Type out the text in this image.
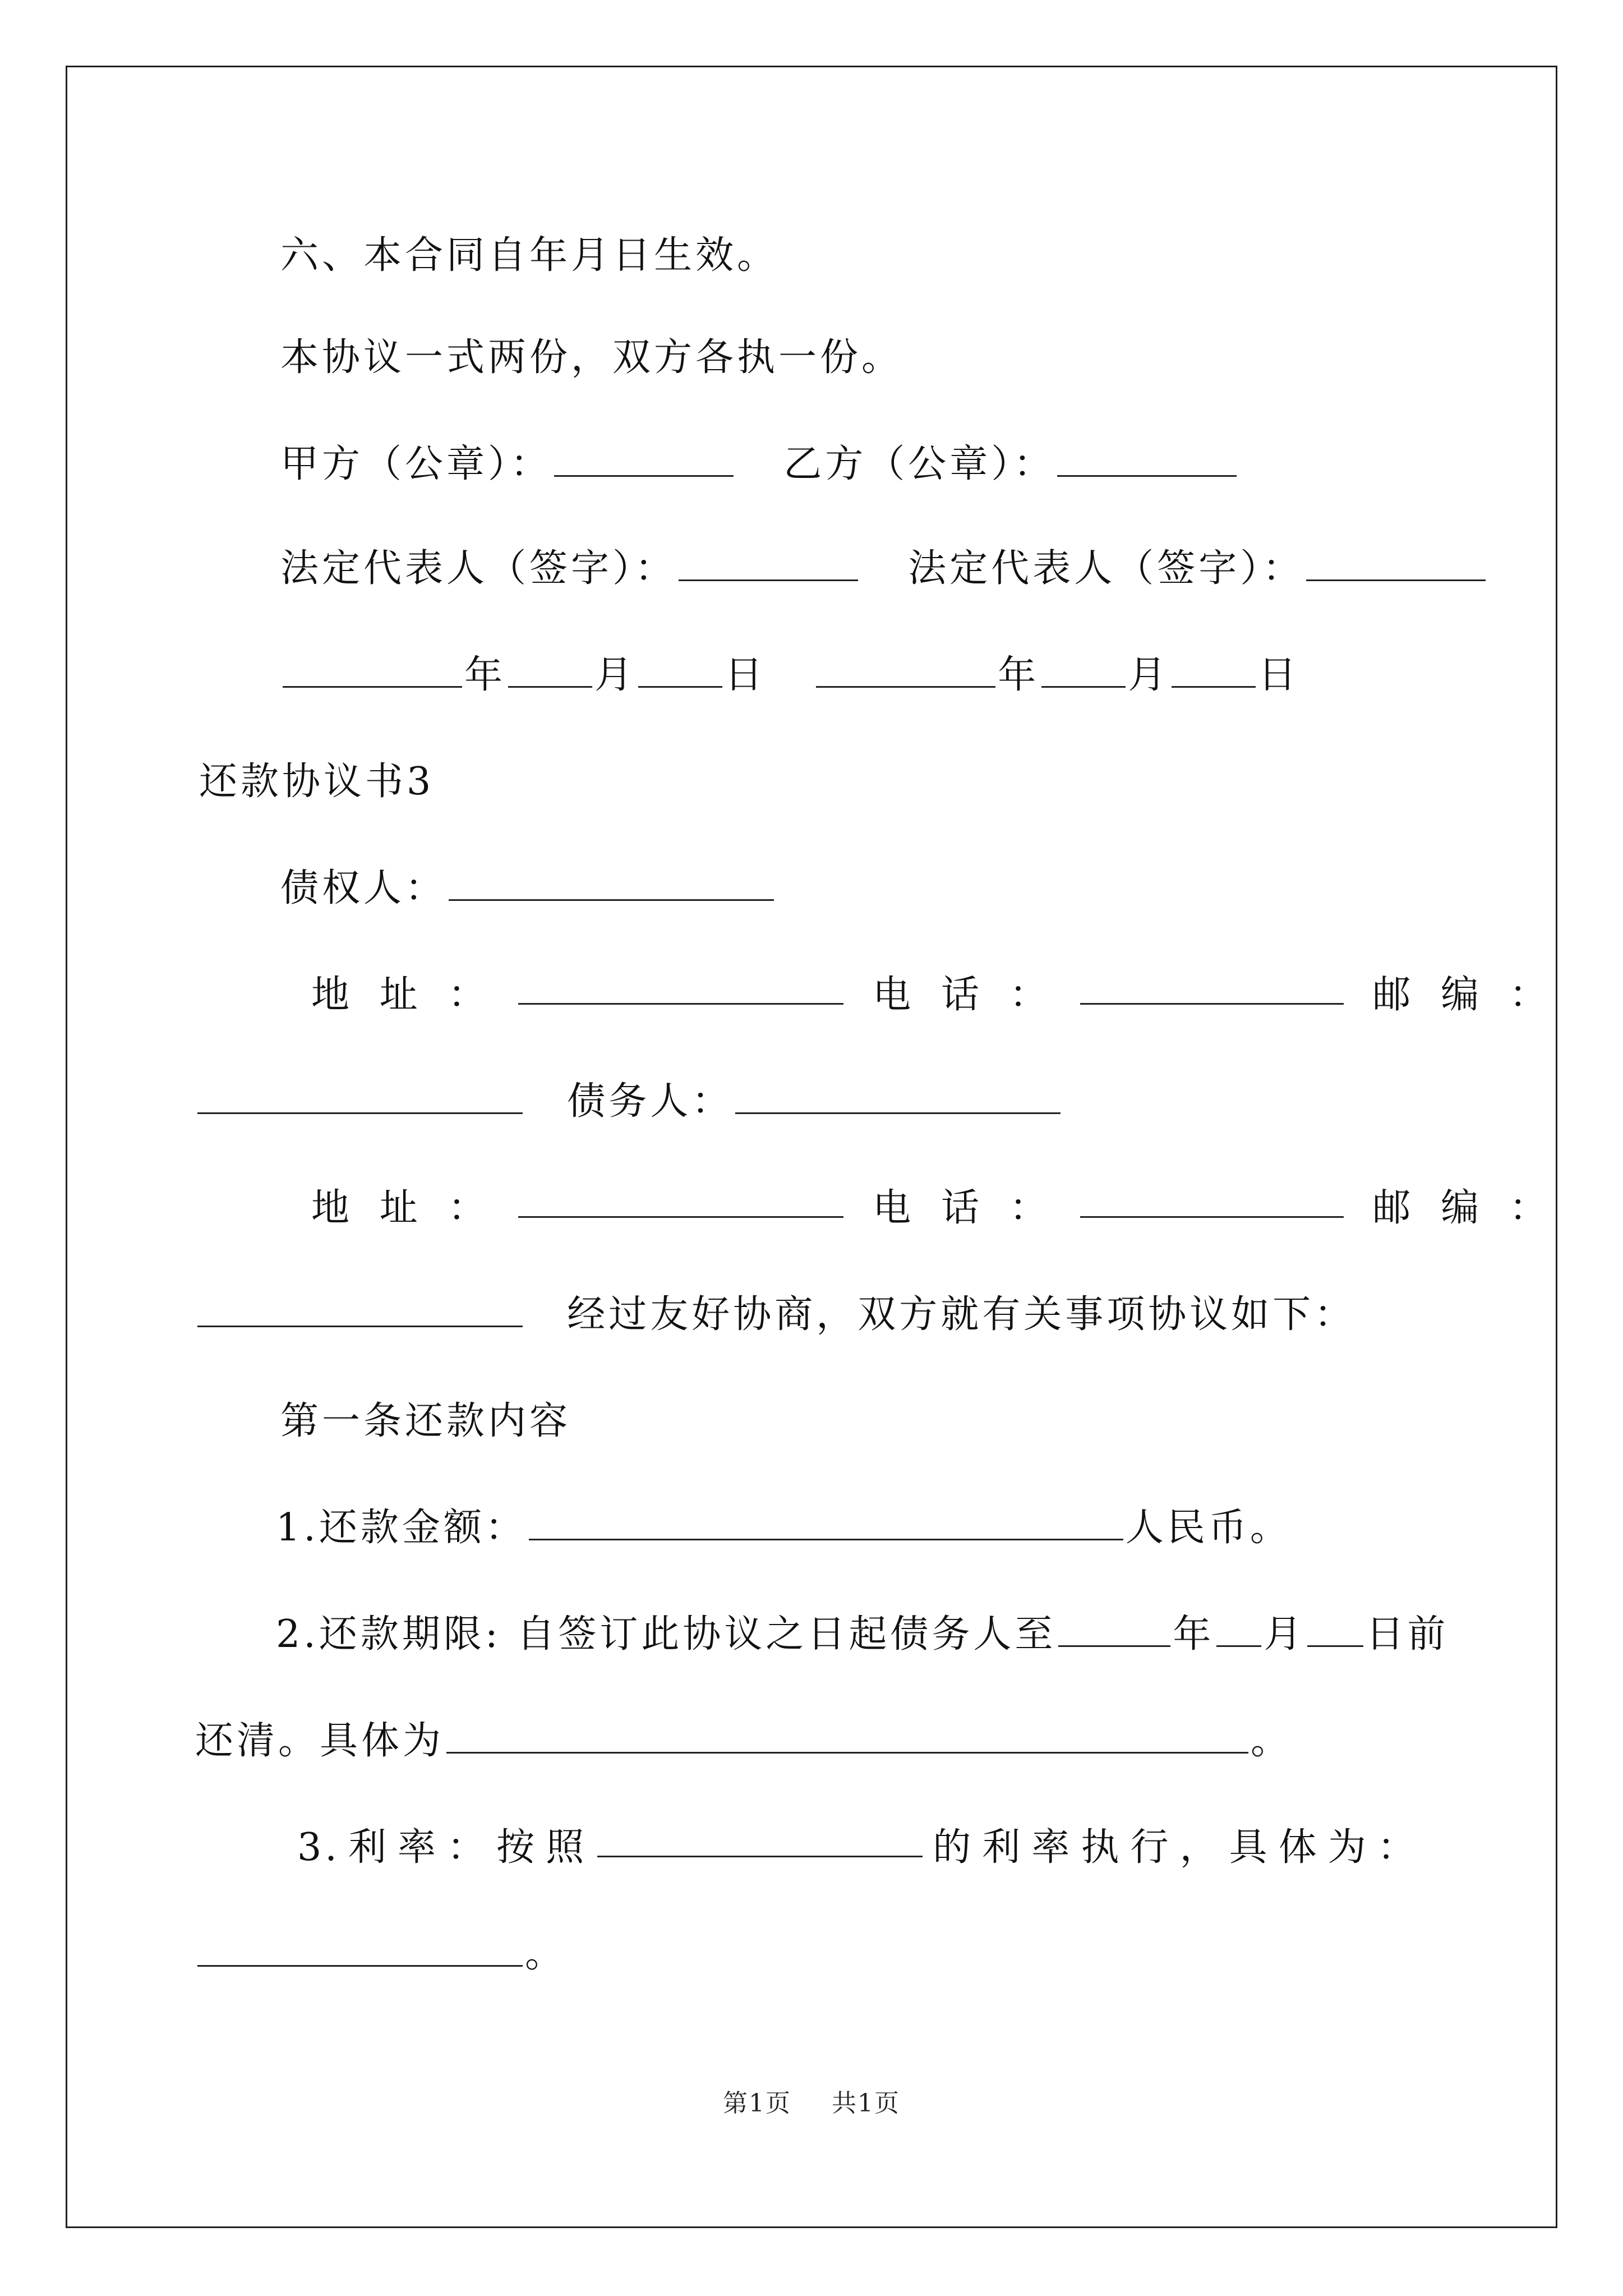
六、本合同自年月日生效。

本协议一式两份，双方各执一份。

甲方（公章）：	乙方（公章）：

法定代表人（签字）：	法定代表人（签字）：

年 月 日	年 月 日

还款协议书3

债权人：

地 址 ：	电 话 ：	邮 编 ：

债务人：

地 址 ：	电 话 ：	邮 编 ：

经过友好协商，双方就有关事项协议如下：

第一条还款内容

1.还款金额：	人民币。

2.还款期限: 自签订此协议之日起债务人至	年 月 日前

还清。具体为	。

3. 利 率 ： 按 照	的 利 率 执 行 ， 具 体 为 ：

。

第1页 共1页
